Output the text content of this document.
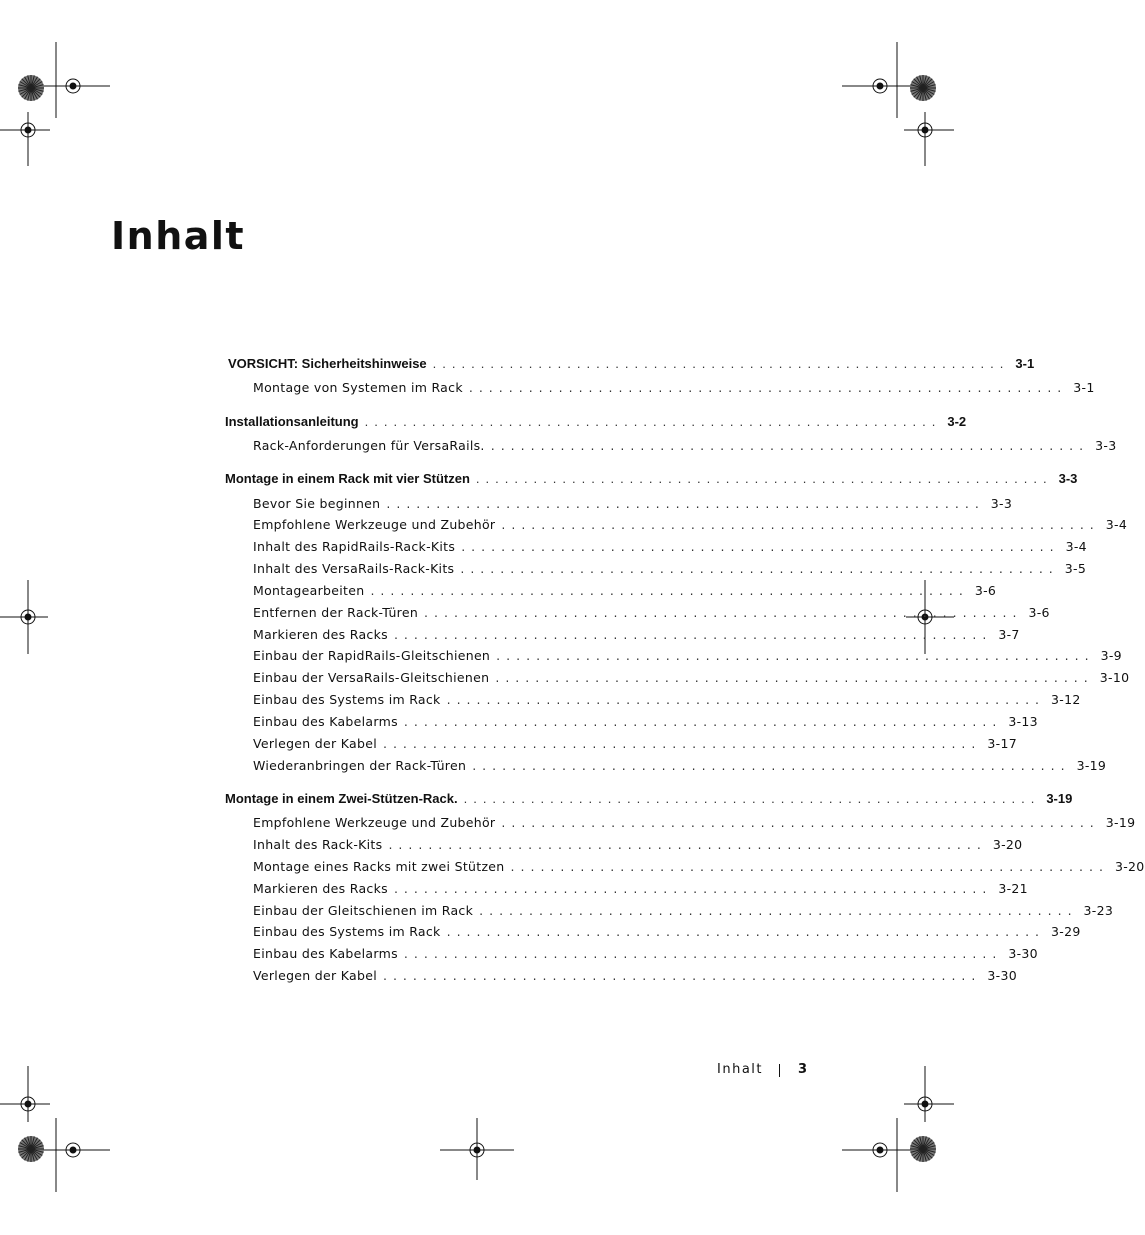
Inhalt
VORSICHT: Sicherheitshinweise ............................................................ 3-1
Montage von Systemen im Rack ............................................................ 3-1
Installationsanleitung ............................................................ 3-2
Rack-Anforderungen für VersaRails. ............................................................ 3-3
Montage in einem Rack mit vier Stützen ............................................................ 3-3
Bevor Sie beginnen ............................................................ 3-3
Empfohlene Werkzeuge und Zubehör ............................................................ 3-4
Inhalt des RapidRails-Rack-Kits ............................................................ 3-4
Inhalt des VersaRails-Rack-Kits ............................................................ 3-5
Montagearbeiten ............................................................ 3-6
Entfernen der Rack-Türen ............................................................ 3-6
Markieren des Racks ............................................................ 3-7
Einbau der RapidRails-Gleitschienen ............................................................ 3-9
Einbau der VersaRails-Gleitschienen ............................................................ 3-10
Einbau des Systems im Rack ............................................................ 3-12
Einbau des Kabelarms ............................................................ 3-13
Verlegen der Kabel ............................................................ 3-17
Wiederanbringen der Rack-Türen ............................................................ 3-19
Montage in einem Zwei-Stützen-Rack. ............................................................ 3-19
Empfohlene Werkzeuge und Zubehör ............................................................ 3-19
Inhalt des Rack-Kits ............................................................ 3-20
Montage eines Racks mit zwei Stützen ............................................................ 3-20
Markieren des Racks ............................................................ 3-21
Einbau der Gleitschienen im Rack ............................................................ 3-23
Einbau des Systems im Rack ............................................................ 3-29
Einbau des Kabelarms ............................................................ 3-30
Verlegen der Kabel ............................................................ 3-30
Inhalt	3
